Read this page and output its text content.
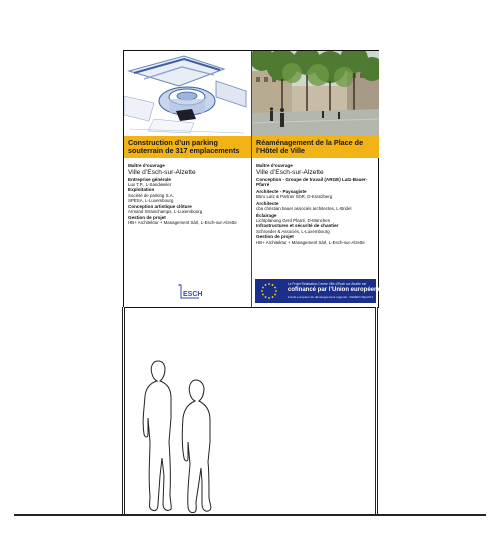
Construction d’un parking souterrain de 317 emplacements
Maître d’ouvrage
Ville d’Esch-sur-Alzette
Entreprise générale
Lux T.P., L-Sandweiler
Exploitation
Société de parking S.A.
SPESA, L-Luxembourg
Conception artistique clôture
Armand Strainchamps, L-Luxembourg
Gestion de projet
HB+ Architektur + Management Sàrl, L-Esch-sur-Alzette
ESCH
Réaménagement de la Place de l’Hôtel de Ville
Maître d’ouvrage
Ville d’Esch-sur-Alzette
Conception - Groupe de travail (ARGE) Latz-Bauer-Pfarré
Architecte - Paysagiste
Büro Latz & Partner GbR, D-Kranzberg
Architecte
cba christian bauer associés architectes, L-Bridel
Éclairage
Lichtplanung Gerd Pfarré, D-München
Infrastructures et sécurité de chantier
Schroeder & Associés, L-Luxembourg
Gestion de projet
HB+ Architektur + Management Sàrl, L-Esch-sur-Alzette
Le Projet Réalisation Centre Ville d’Esch sur Alzette est
cofinancé par l’Union européenne
Fonds européen de développement régional - FEDER Objectif 2
